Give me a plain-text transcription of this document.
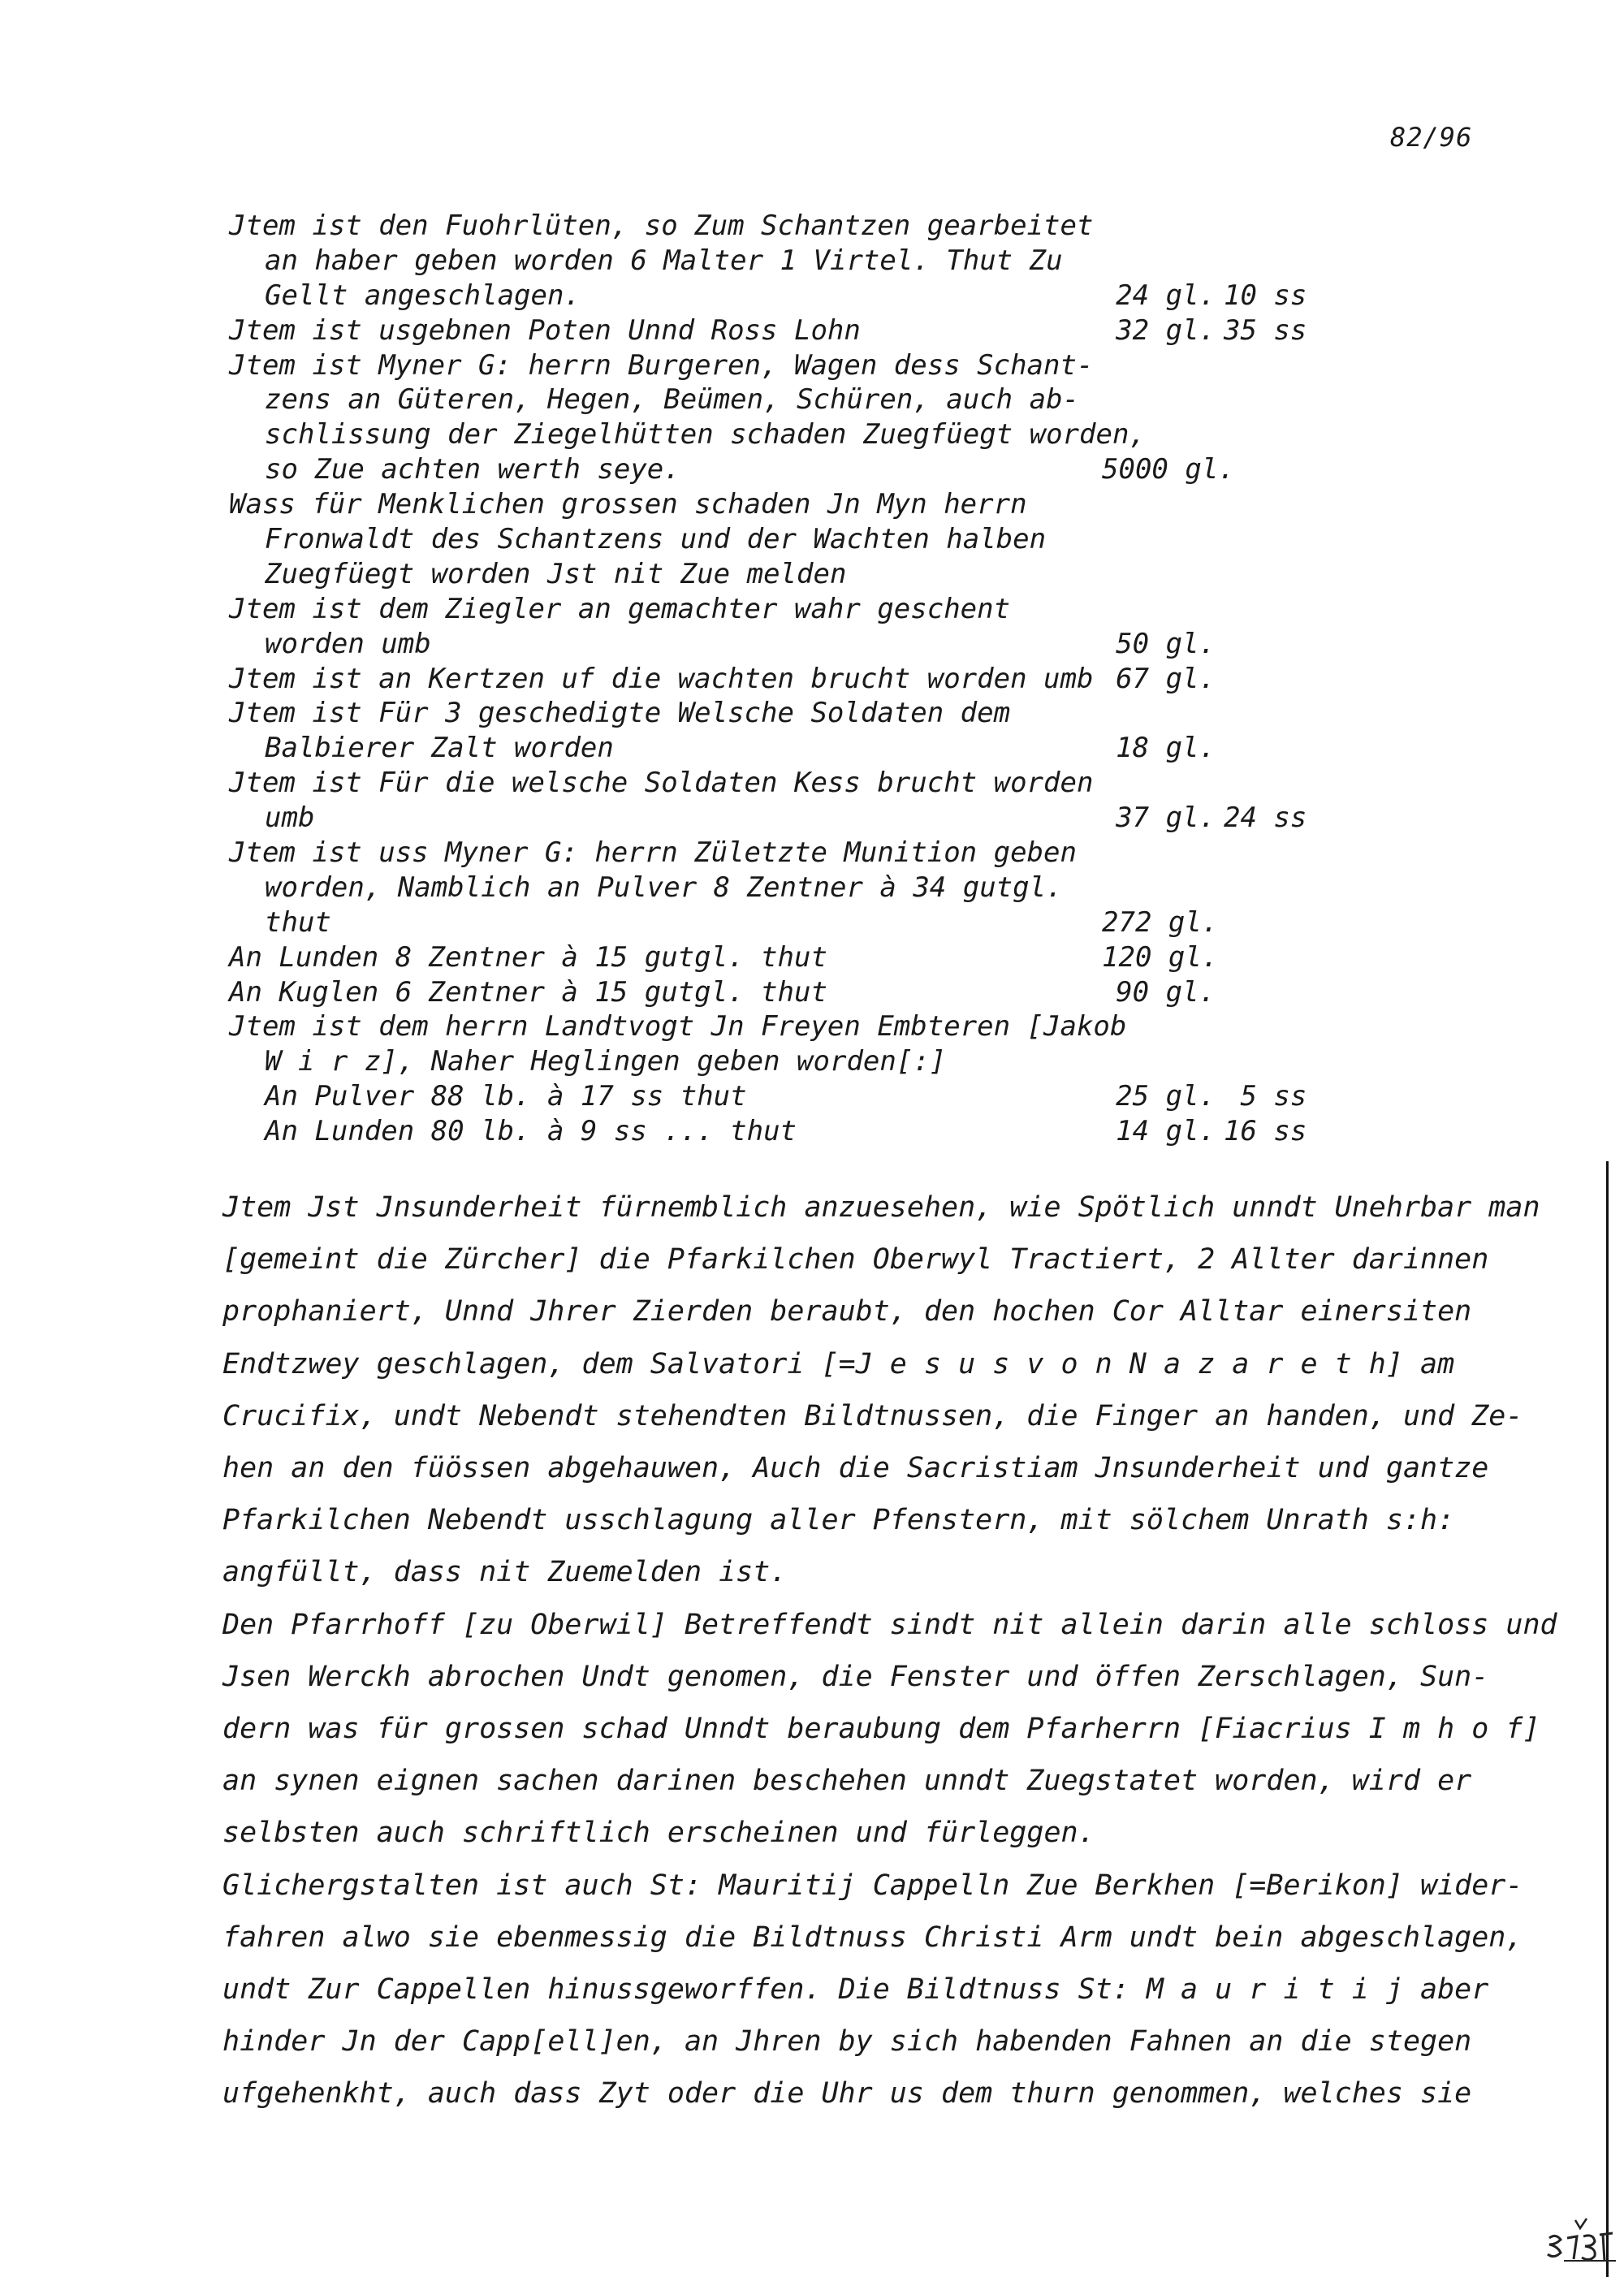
82/96
Jtem ist den Fuohrlüten, so Zum Schantzen gearbeitet
an haber geben worden 6 Malter 1 Virtel. Thut Zu
Gellt angeschlagen.	24 gl. 10 ss
Jtem ist usgebnen Poten Unnd Ross Lohn	32 gl. 35 ss
Jtem ist Myner G: herrn Burgeren, Wagen dess Schant-
zens an Güteren, Hegen, Beümen, Schüren, auch ab-
schlissung der Ziegelhütten schaden Zuegfüegt worden,
so Zue achten werth seye.	5000 gl.
Wass für Menklichen grossen schaden Jn Myn herrn
Fronwaldt des Schantzens und der Wachten halben
Zuegfüegt worden Jst nit Zue melden
Jtem ist dem Ziegler an gemachter wahr geschent
worden umb	50 gl.
Jtem ist an Kertzen uf die wachten brucht worden umb 67 gl.
Jtem ist Für 3 geschedigte Welsche Soldaten dem
Balbierer Zalt worden	18 gl.
Jtem ist Für die welsche Soldaten Kess brucht worden
umb	37 gl. 24 ss
Jtem ist uss Myner G: herrn Zületzte Munition geben
worden, Namblich an Pulver 8 Zentner à 34 gutgl.
thut	272 gl.
An Lunden 8 Zentner à 15 gutgl. thut	120 gl.
An Kuglen 6 Zentner à 15 gutgl. thut	90 gl.
Jtem ist dem herrn Landtvogt Jn Freyen Embteren [Jakob
W i r z], Naher Heglingen geben worden[:]
An Pulver 88 lb. à 17 ss thut	25 gl. 5 ss
An Lunden 80 lb. à 9 ss ... thut	14 gl. 16 ss

Jtem Jst Jnsunderheit fürnemblich anzuesehen, wie Spötlich unndt Unehrbar man
[gemeint die Zürcher] die Pfarkilchen Oberwyl Tractiert, 2 Allter darinnen
prophaniert, Unnd Jhrer Zierden beraubt, den hochen Cor Alltar einersiten
Endtzwey geschlagen, dem Salvatori [=J e s u s v o n N a z a r e t h] am
Crucifix, undt Nebendt stehendten Bildtnussen, die Finger an handen, und Ze-
hen an den füössen abgehauwen, Auch die Sacristiam Jnsunderheit und gantze
Pfarkilchen Nebendt usschlagung aller Pfenstern, mit sölchem Unrath s:h:
angfüllt, dass nit Zuemelden ist.

Den Pfarrhoff [zu Oberwil] Betreffendt sindt nit allein darin alle schloss und
Jsen Werckh abrochen Undt genomen, die Fenster und öffen Zerschlagen, Sun-
dern was für grossen schad Unndt beraubung dem Pfarherrn [Fiacrius I m h o f]
an synen eignen sachen darinen beschehen unndt Zuegstatet worden, wird er
selbsten auch schriftlich erscheinen und fürleggen.

Glichergstalten ist auch St: Mauritij Cappelln Zue Berkhen [=Berikon] wider-
fahren alwo sie ebenmessig die Bildtnuss Christi Arm undt bein abgeschlagen,
undt Zur Cappellen hinussgeworffen. Die Bildtnuss St: M a u r i t i j aber
hinder Jn der Capp[ell]en, an Jhren by sich habenden Fahnen an die stegen
ufgehenkht, auch dass Zyt oder die Uhr us dem thurn genommen, welches sie
